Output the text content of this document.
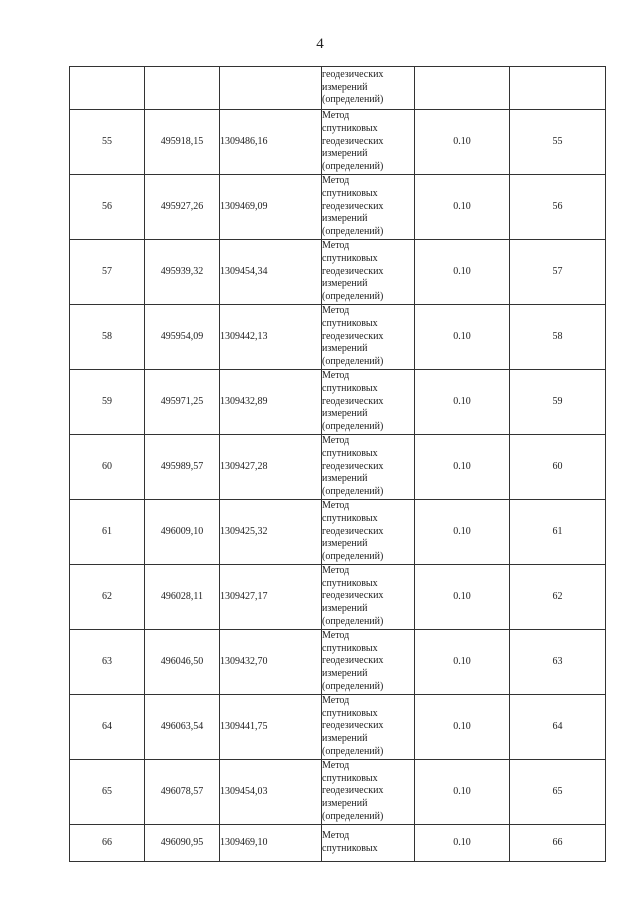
4

			геодезических
измерений
(определений)		

55	495918,15	1309486,16	Метод
спутниковых
геодезических
измерений
(определений)	0.10	55
56	495927,26	1309469,09	Метод
спутниковых
геодезических
измерений
(определений)	0.10	56
57	495939,32	1309454,34	Метод
спутниковых
геодезических
измерений
(определений)	0.10	57
58	495954,09	1309442,13	Метод
спутниковых
геодезических
измерений
(определений)	0.10	58
59	495971,25	1309432,89	Метод
спутниковых
геодезических
измерений
(определений)	0.10	59
60	495989,57	1309427,28	Метод
спутниковых
геодезических
измерений
(определений)	0.10	60
61	496009,10	1309425,32	Метод
спутниковых
геодезических
измерений
(определений)	0.10	61
62	496028,11	1309427,17	Метод
спутниковых
геодезических
измерений
(определений)	0.10	62
63	496046,50	1309432,70	Метод
спутниковых
геодезических
измерений
(определений)	0.10	63
64	496063,54	1309441,75	Метод
спутниковых
геодезических
измерений
(определений)	0.10	64
65	496078,57	1309454,03	Метод
спутниковых
геодезических
измерений
(определений)	0.10	65
66	496090,95	1309469,10	Метод
спутниковых	0.10	66
